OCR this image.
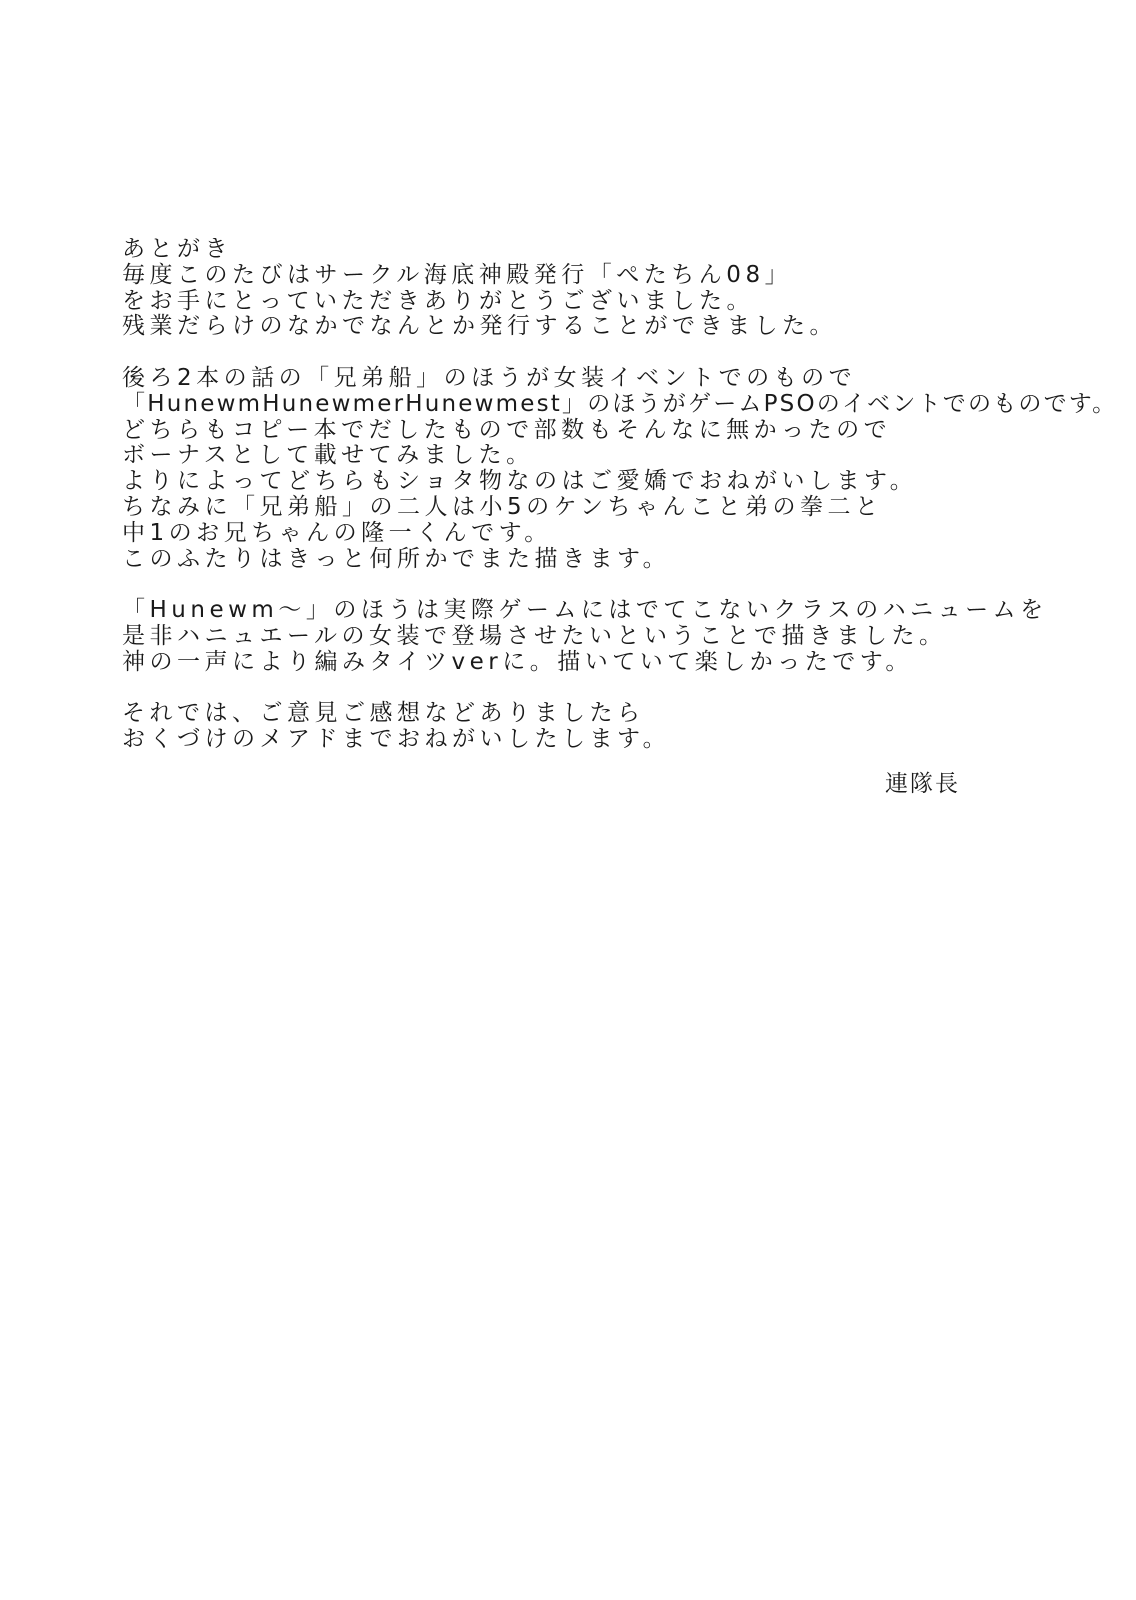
あとがき
毎度このたびはサークル海底神殿発行「ぺたちん08」
をお手にとっていただきありがとうございました。
残業だらけのなかでなんとか発行することができました。
後ろ2本の話の「兄弟船」のほうが女装イベントでのもので
「HunewmHunewmerHunewmest」のほうがゲームPSOのイベントでのものです。
どちらもコピー本でだしたもので部数もそんなに無かったので
ボーナスとして載せてみました。
よりによってどちらもショタ物なのはご愛嬌でおねがいします。
ちなみに「兄弟船」の二人は小5のケンちゃんこと弟の拳二と
中1のお兄ちゃんの隆一くんです。
このふたりはきっと何所かでまた描きます。
「Hunewm～」のほうは実際ゲームにはでてこないクラスのハニュームを
是非ハニュエールの女装で登場させたいということで描きました。
神の一声により編みタイツverに。描いていて楽しかったです。
それでは、ご意見ご感想などありましたら
おくづけのメアドまでおねがいしたします。
連隊長
